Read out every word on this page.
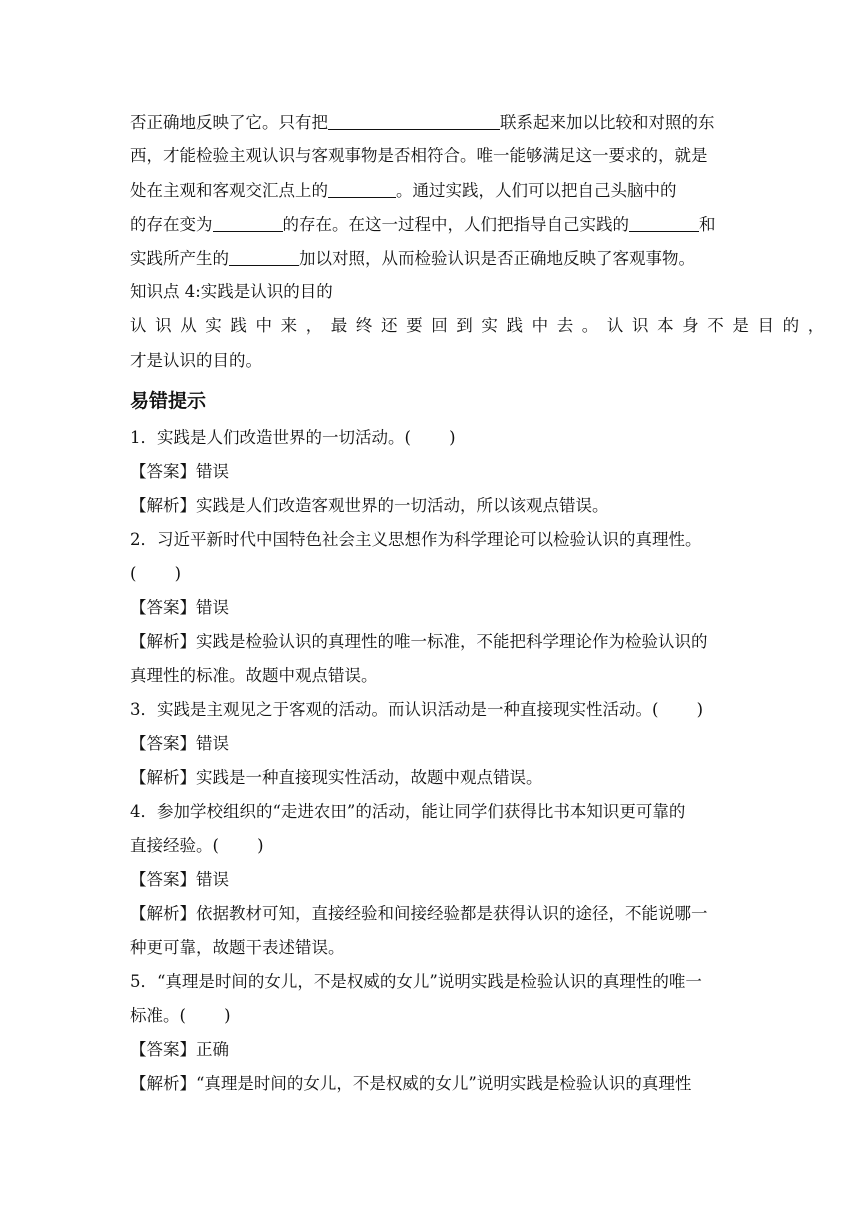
否正确地反映了它。只有把	联系起来加以比较和对照的东
西，才能检验主观认识与客观事物是否相符合。唯一能够满足这一要求的，就是
处在主观和客观交汇点上的	。通过实践，人们可以把自己头脑中的
的存在变为	的存在。在这一过程中，人们把指导自己实践的	和
实践所产生的	加以对照，从而检验认识是否正确地反映了客观事物。
知识点 4:实践是认识的目的
认识从实践中来，最终还要回到实践中去。认识本身不是目的，
才是认识的目的。
易错提示
1．实践是人们改造世界的一切活动。(　　 )
【答案】错误
【解析】实践是人们改造客观世界的一切活动，所以该观点错误。
2．习近平新时代中国特色社会主义思想作为科学理论可以检验认识的真理性。
(　　 )
【答案】错误
【解析】实践是检验认识的真理性的唯一标准，不能把科学理论作为检验认识的
真理性的标准。故题中观点错误。
3．实践是主观见之于客观的活动。而认识活动是一种直接现实性活动。(　　 )
【答案】错误
【解析】实践是一种直接现实性活动，故题中观点错误。
4．参加学校组织的“走进农田”的活动，能让同学们获得比书本知识更可靠的
直接经验。(　　 )
【答案】错误
【解析】依据教材可知，直接经验和间接经验都是获得认识的途径，不能说哪一
种更可靠，故题干表述错误。
5．“真理是时间的女儿，不是权威的女儿”说明实践是检验认识的真理性的唯一
标准。(　　 )
【答案】正确
【解析】“真理是时间的女儿，不是权威的女儿”说明实践是检验认识的真理性
